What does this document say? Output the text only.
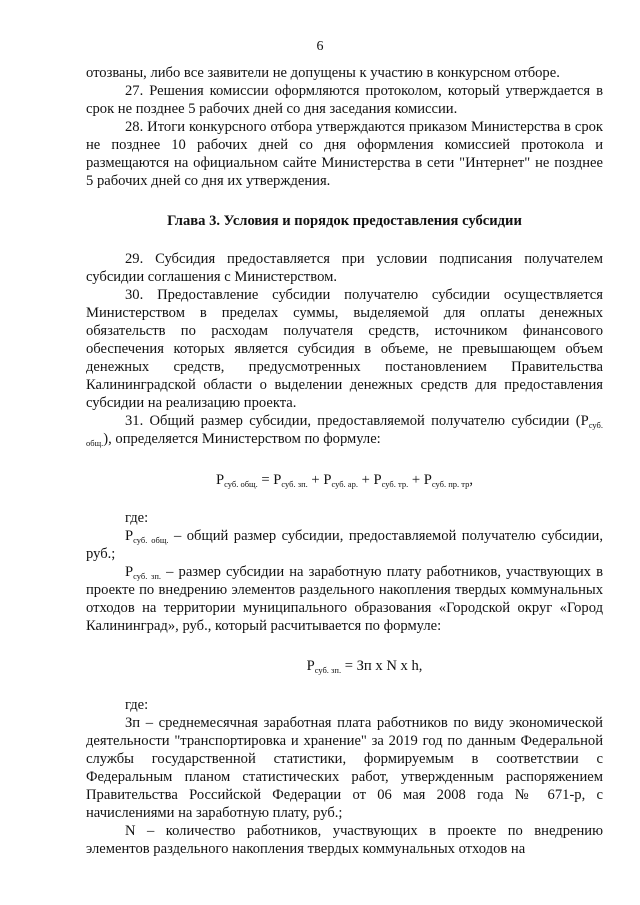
6

отозваны, либо все заявители не допущены к участию в конкурсном отборе.

27. Решения комиссии оформляются протоколом, который утверждается в срок не позднее 5 рабочих дней со дня заседания комиссии.

28. Итоги конкурсного отбора утверждаются приказом Министерства в срок не позднее 10 рабочих дней со дня оформления комиссией протокола и размещаются на официальном сайте Министерства в сети "Интернет" не позднее 5 рабочих дней со дня их утверждения.

Глава 3. Условия и порядок предоставления субсидии

29. Субсидия предоставляется при условии подписания получателем субсидии соглашения с Министерством.

30. Предоставление субсидии получателю субсидии осуществляется Министерством в пределах суммы, выделяемой для оплаты денежных обязательств по расходам получателя средств, источником финансового обеспечения которых является субсидия в объеме, не превышающем объем денежных средств, предусмотренных постановлением Правительства Калининградской области о выделении денежных средств для предоставления субсидии на реализацию проекта.

31. Общий размер субсидии, предоставляемой получателю субсидии $(Р_{суб. общ.})$, определяется Министерством по формуле:

$Р_{суб. общ.} = Р_{суб. зп.} + Р_{суб. ар.} + Р_{суб. тр.} + Р_{суб. пр. тр}$,

где:

$Р_{суб. общ.}$ – общий размер субсидии, предоставляемой получателю субсидии, руб.;

$Р_{суб. зп.}$ – размер субсидии на заработную плату работников, участвующих в проекте по внедрению элементов раздельного накопления твердых коммунальных отходов на территории муниципального образования «Городской округ «Город Калининград», руб., который расчитывается по формуле:

$Р_{суб. зп.}$ = Зп x N x h,

где:

Зп – среднемесячная заработная плата работников по виду экономической деятельности "транспортировка и хранение" за 2019 год по данным Федеральной службы государственной статистики, формируемым в соответствии с Федеральным планом статистических работ, утвержденным распоряжением Правительства Российской Федерации от 06 мая 2008 года № 671-р, с начислениями на заработную плату, руб.;

N – количество работников, участвующих в проекте по внедрению элементов раздельного накопления твердых коммунальных отходов на
